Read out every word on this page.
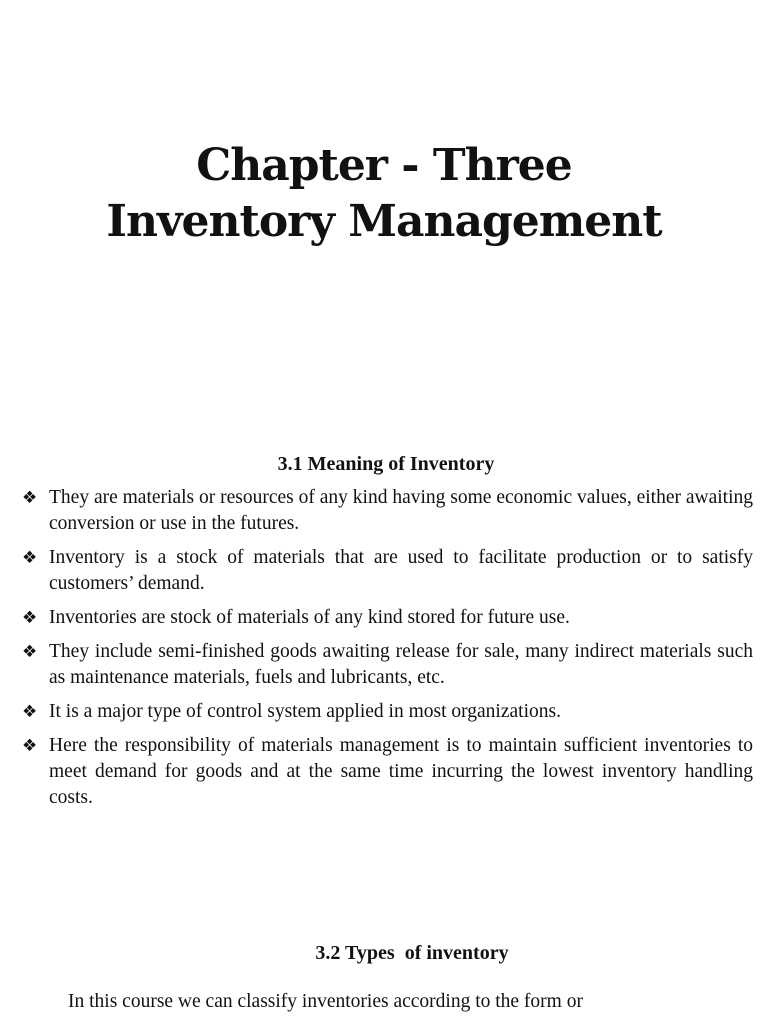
Chapter - Three
Inventory Management
3.1 Meaning of Inventory
❖ They are materials or resources of any kind having some economic values, either awaiting conversion or use in the futures.
❖ Inventory is a stock of materials that are used to facilitate production or to satisfy customers’ demand.
❖ Inventories are stock of materials of any kind stored for future use.
❖ They include semi-finished goods awaiting release for sale, many indirect materials such as maintenance materials, fuels and lubricants, etc.
❖ It is a major type of control system applied in most organizations.
❖ Here the responsibility of materials management is to maintain sufficient inventories to meet demand for goods and at the same time incurring the lowest inventory handling costs.
3.2 Types  of inventory
In this course we can classify inventories according to the form or
